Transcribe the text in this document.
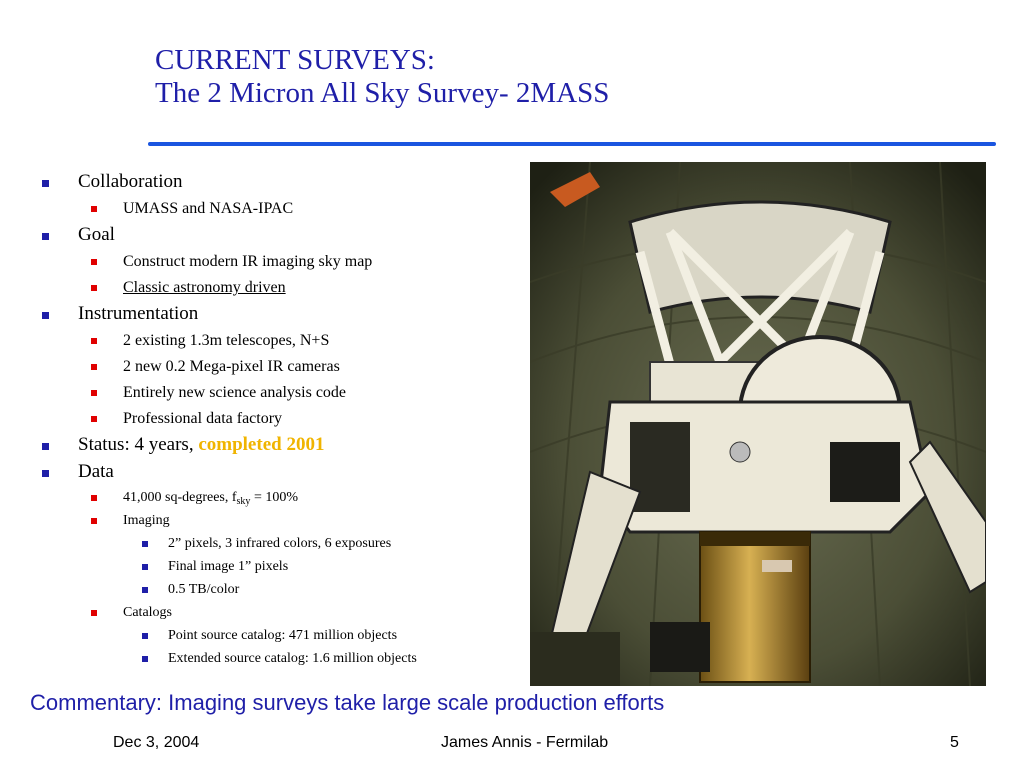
CURRENT SURVEYS:
The 2 Micron All Sky Survey- 2MASS
Collaboration
UMASS and NASA-IPAC
Goal
Construct modern IR imaging sky map
Classic astronomy driven
Instrumentation
2 existing 1.3m telescopes, N+S
2 new 0.2 Mega-pixel IR cameras
Entirely new science analysis code
Professional data factory
Status: 4 years, completed 2001
Data
41,000 sq-degrees, $f_{sky} = 100\%$
Imaging
2” pixels, 3 infrared colors, 6 exposures
Final image 1” pixels
0.5 TB/color
Catalogs
Point source catalog: 471 million objects
Extended source catalog: 1.6 million objects
Commentary: Imaging surveys take large scale production efforts
Dec 3, 2004	James Annis - Fermilab	5
